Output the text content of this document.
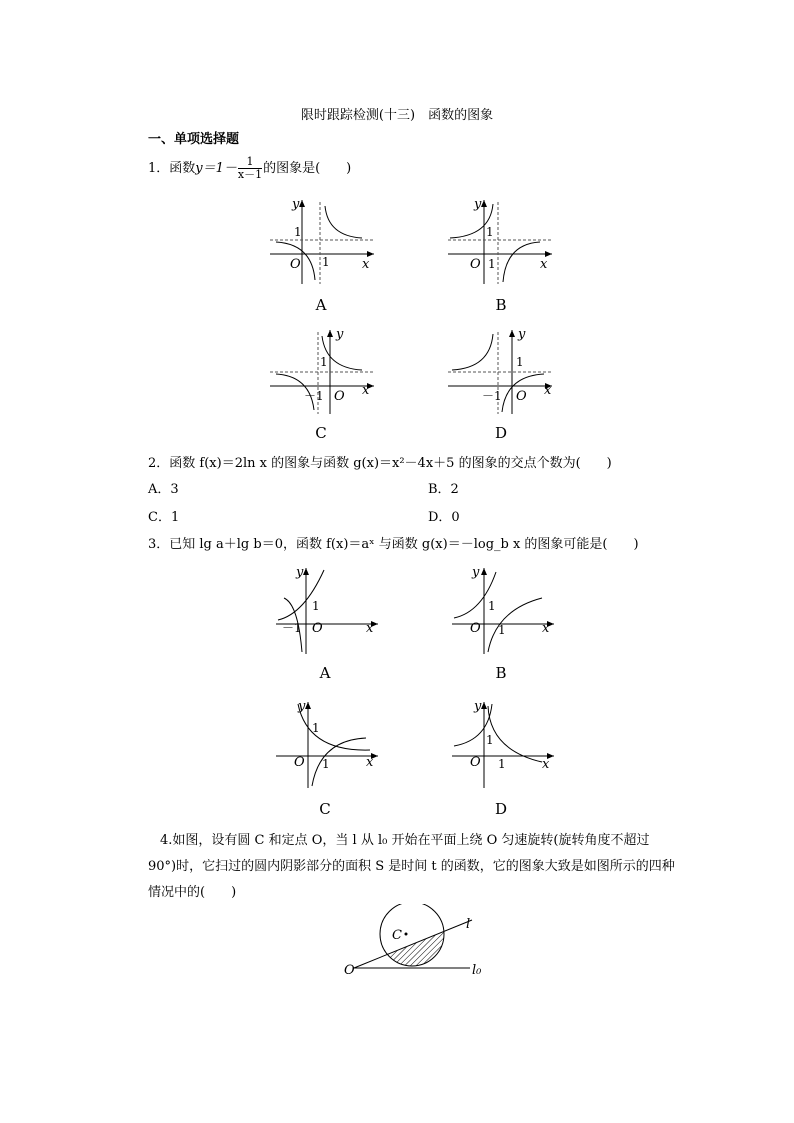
限时跟踪检测(十三)　函数的图象
一、单项选择题
1．函数$y=1- \frac{1}{x-1}$ 的图象是(　　)
y
x
O
1
1
A
y
x
O
1
1
B
y
x
O
1
－1
C
y
x
O
1
－1
D
2．函数 f(x)＝2ln x 的图象与函数 g(x)＝x²－4x＋5 的图象的交点个数为(　　)
A．3	B．2
C．1	D．0
3．已知 lg a＋lg b＝0，函数 f(x)＝aˣ 与函数 g(x)＝－log_b x 的图象可能是(　　)
y
x
O
1
－1
A
y
x
O
1
1
B
y
x
O
1
1
C
y
x
O
1
1
D
4.如图，设有圆 C 和定点 O，当 l 从 l₀ 开始在平面上绕 O 匀速旋转(旋转角度不超过 90°)时，它扫过的圆内阴影部分的面积 S 是时间 t 的函数，它的图象大致是如图所示的四种情况中的(　　)
C
O
l
l₀
